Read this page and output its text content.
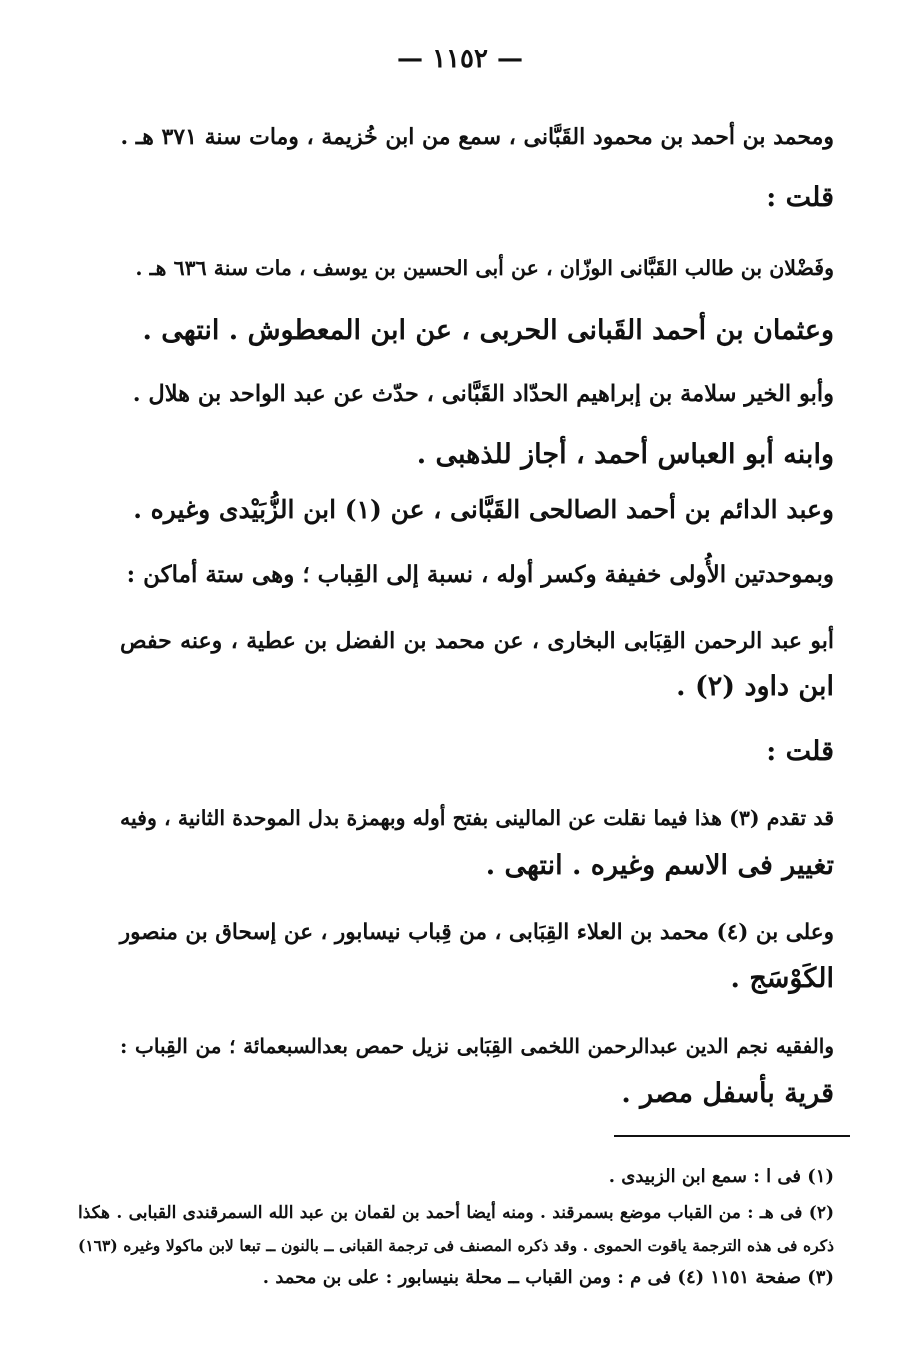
— ١١٥٢ —
ومحمد بن أحمد بن محمود القَبَّانى ، سمع من ابن خُزيمة ، ومات سنة ٣٧١ هـ .
قلت :
وفَضْلان بن طالب القَبَّانى الوزّان ، عن أبى الحسين بن يوسف ، مات سنة ٦٣٦ هـ .
وعثمان بن أحمد القَبانى الحربى ، عن ابن المعطوش . انتهى .
وأبو الخير سلامة بن إبراهيم الحدّاد القَبَّانى ، حدّث عن عبد الواحد بن هلال .
وابنه أبو العباس أحمد ، أجاز للذهبى .
وعبد الدائم بن أحمد الصالحى القَبَّانى ، عن (١) ابن الزُّبَيْدى وغيره .
وبموحدتين الأُولى خفيفة وكسر أوله ، نسبة إلى القِباب ؛ وهى ستة أماكن :
أبو عبد الرحمن القِبَابى البخارى ، عن محمد بن الفضل بن عطية ، وعنه حفص
ابن داود (٢) .
قلت :
قد تقدم (٣) هذا فيما نقلت عن المالينى بفتح أوله وبهمزة بدل الموحدة الثانية ، وفيه
تغيير فى الاسم وغيره . انتهى .
وعلى بن (٤) محمد بن العلاء القِبَابى ، من قِباب نيسابور ، عن إسحاق بن منصور
الكَوْسَج .
والفقيه نجم الدين عبدالرحمن اللخمى القِبَابى نزيل حمص بعدالسبعمائة ؛ من القِباب :
قرية بأسفل مصر .
(١) فى ا : سمع ابن الزبيدى .
(٢) فى هـ : من القباب موضع بسمرقند . ومنه أيضا أحمد بن لقمان بن عبد الله السمرقندى القبابى . هكذا
ذكره فى هذه الترجمة ياقوت الحموى . وقد ذكره المصنف فى ترجمة القبانى ــ بالنون ــ تبعا لابن ماكولا وغيره (١٦٣)
(٣) صفحة ١١٥١ (٤) فى م : ومن القباب ــ محلة بنيسابور : على بن محمد .
